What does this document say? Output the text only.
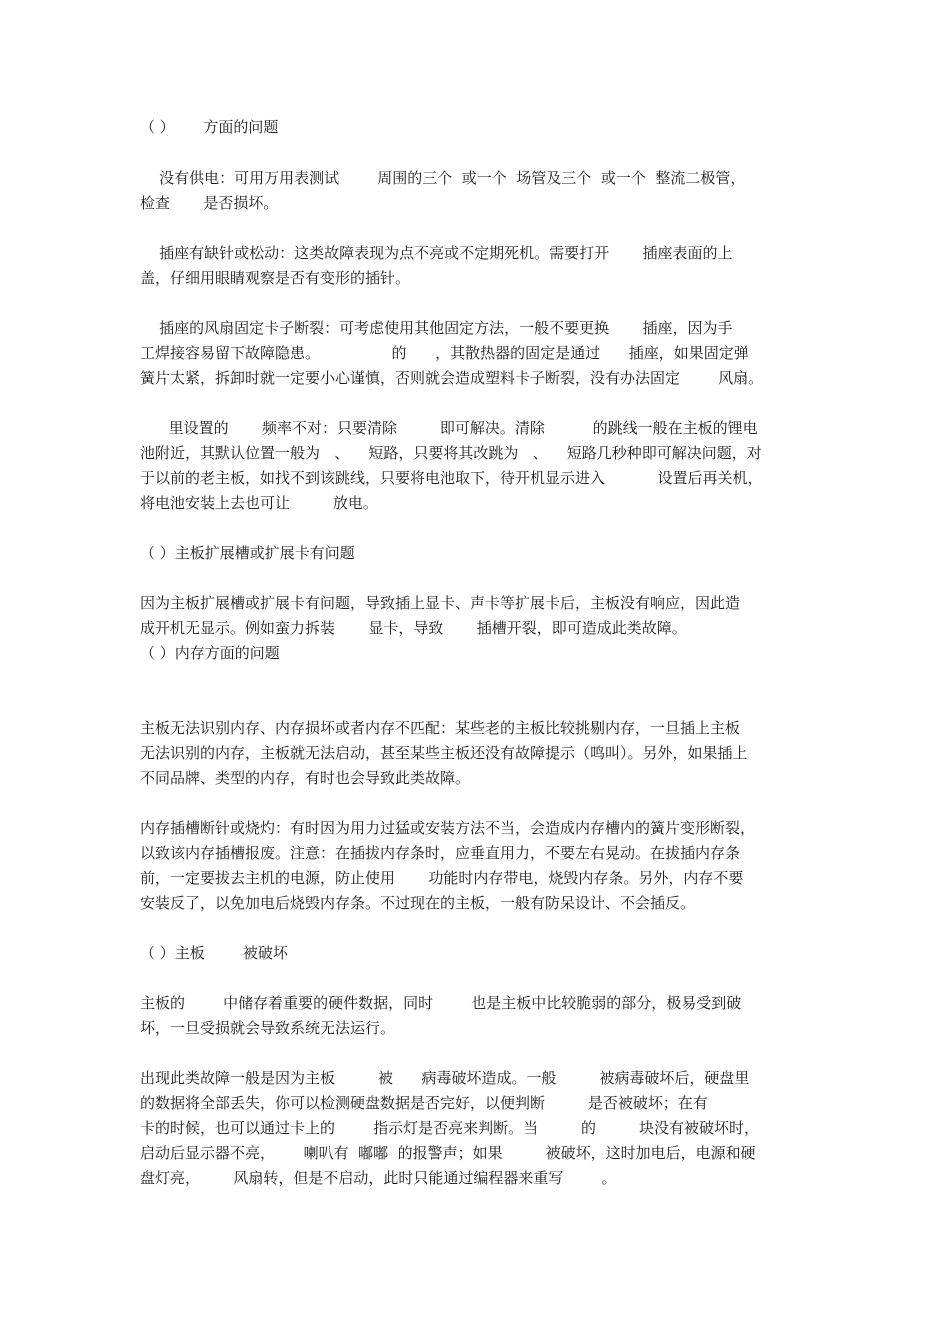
（ ）      方面的问题
没有供电：可用万用表测试        周围的三个  或一个  场管及三个  或一个  整流二极管，
检查       是否损坏。
插座有缺针或松动：这类故障表现为点不亮或不定期死机。需要打开       插座表面的上
盖，仔细用眼睛观察是否有变形的插针。
插座的风扇固定卡子断裂：可考虑使用其他固定方法，一般不要更换       插座，因为手
工焊接容易留下故障隐患。               的      ，其散热器的固定是通过      插座，如果固定弹
簧片太紧，拆卸时就一定要小心谨慎，否则就会造成塑料卡子断裂，没有办法固定        风扇。
里设置的       频率不对：只要清除         即可解决。清除          的跳线一般在主板的锂电
池附近，其默认位置一般为   、    短路，只要将其改跳为   、    短路几秒种即可解决问题，对
于以前的老主板，如找不到该跳线，只要将电池取下，待开机显示进入           设置后再关机，
将电池安装上去也可让         放电。
（ ）主板扩展槽或扩展卡有问题
因为主板扩展槽或扩展卡有问题，导致插上显卡、声卡等扩展卡后，主板没有响应，因此造
成开机无显示。例如蛮力拆装       显卡，导致       插槽开裂，即可造成此类故障。
（ ）内存方面的问题
主板无法识别内存、内存损坏或者内存不匹配：某些老的主板比较挑剔内存，一旦插上主板
无法识别的内存，主板就无法启动，甚至某些主板还没有故障提示（鸣叫）。另外，如果插上
不同品牌、类型的内存，有时也会导致此类故障。
内存插槽断针或烧灼：有时因为用力过猛或安装方法不当，会造成内存槽内的簧片变形断裂，
以致该内存插槽报废。注意：在插拔内存条时，应垂直用力，不要左右晃动。在拔插内存条
前，一定要拔去主机的电源，防止使用       功能时内存带电，烧毁内存条。另外，内存不要
安装反了，以免加电后烧毁内存条。不过现在的主板，一般有防呆设计、不会插反。
（ ）主板        被破坏
主板的        中储存着重要的硬件数据，同时        也是主板中比较脆弱的部分，极易受到破
坏，一旦受损就会导致系统无法运行。
出现此类故障一般是因为主板         被      病毒破坏造成。一般         被病毒破坏后，硬盘里
的数据将全部丢失，你可以检测硬盘数据是否完好，以便判断         是否被破坏；在有
卡的时候，也可以通过卡上的        指示灯是否亮来判断。当         的         块没有被破坏时，
启动后显示器不亮，      喇叭有  嘟嘟  的报警声；如果         被破坏，这时加电后，电源和硬
盘灯亮，       风扇转，但是不启动，此时只能通过编程器来重写        。
